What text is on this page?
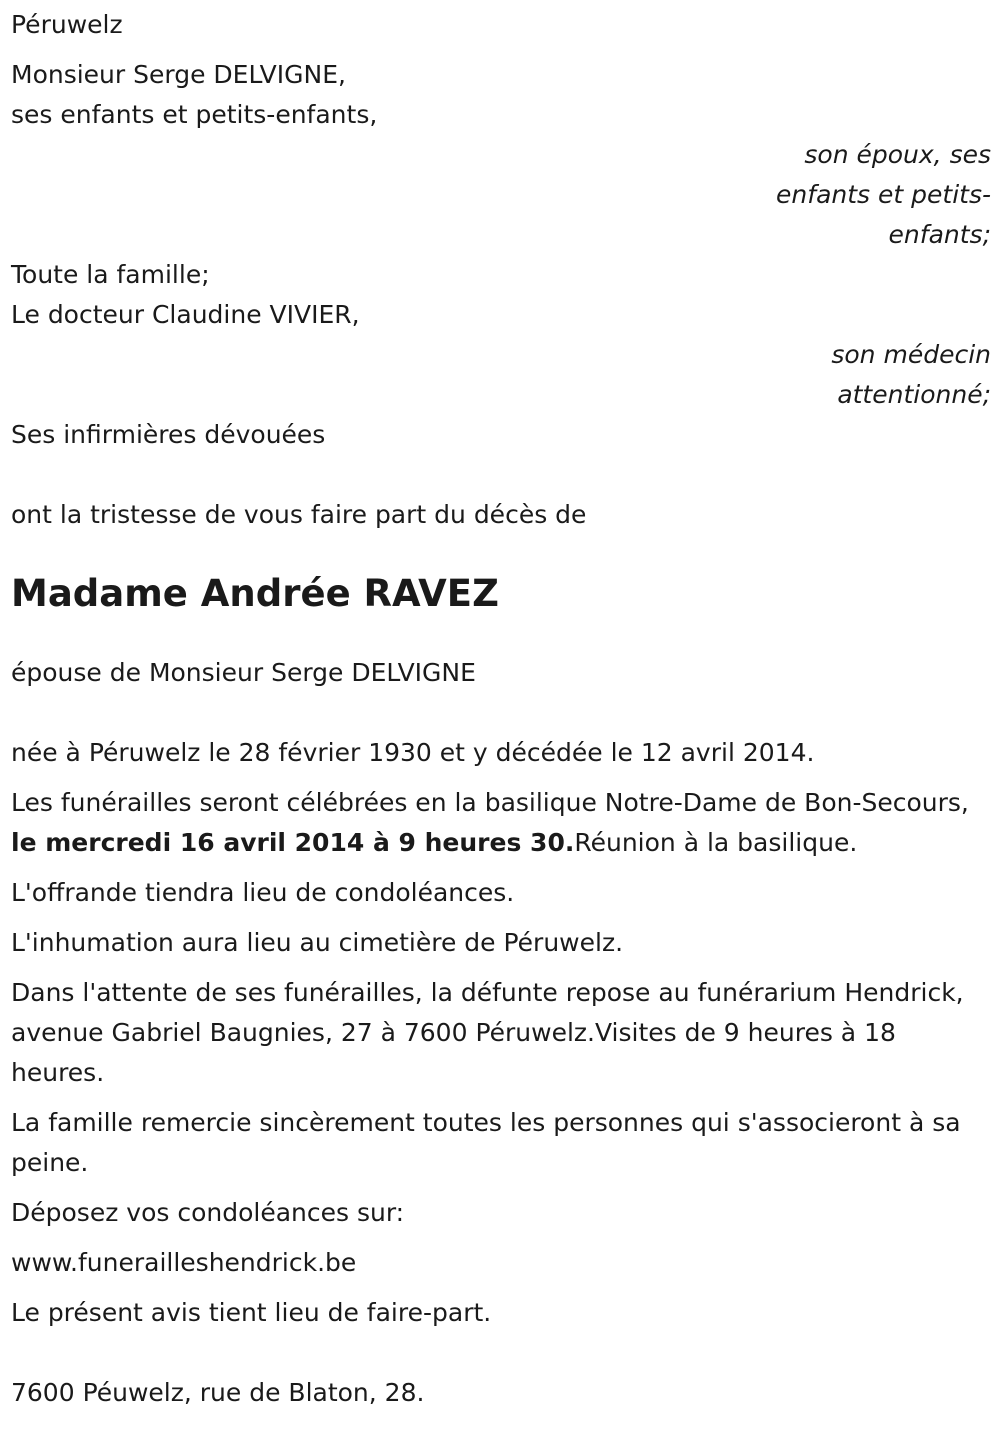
Péruwelz

Monsieur Serge DELVIGNE,

ses enfants et petits-enfants,

son époux, ses

enfants et petits-

enfants;

Toute la famille;

Le docteur Claudine VIVIER,

son médecin

attentionné;

Ses infirmières dévouées

ont la tristesse de vous faire part du décès de

Madame Andrée RAVEZ

épouse de Monsieur Serge DELVIGNE

née à Péruwelz le 28 février 1930 et y décédée le 12 avril 2014.

Les funérailles seront célébrées en la basilique Notre-Dame de Bon-Secours, le mercredi 16 avril 2014 à 9 heures 30.Réunion à la basilique.

L'offrande tiendra lieu de condoléances.

L'inhumation aura lieu au cimetière de Péruwelz.

Dans l'attente de ses funérailles, la défunte repose au funérarium Hendrick, avenue Gabriel Baugnies, 27 à 7600 Péruwelz.Visites de 9 heures à 18 heures.

La famille remercie sincèrement toutes les personnes qui s'associeront à sa peine.

Déposez vos condoléances sur:

www.funerailleshendrick.be

Le présent avis tient lieu de faire-part.

7600 Péuwelz, rue de Blaton, 28.
